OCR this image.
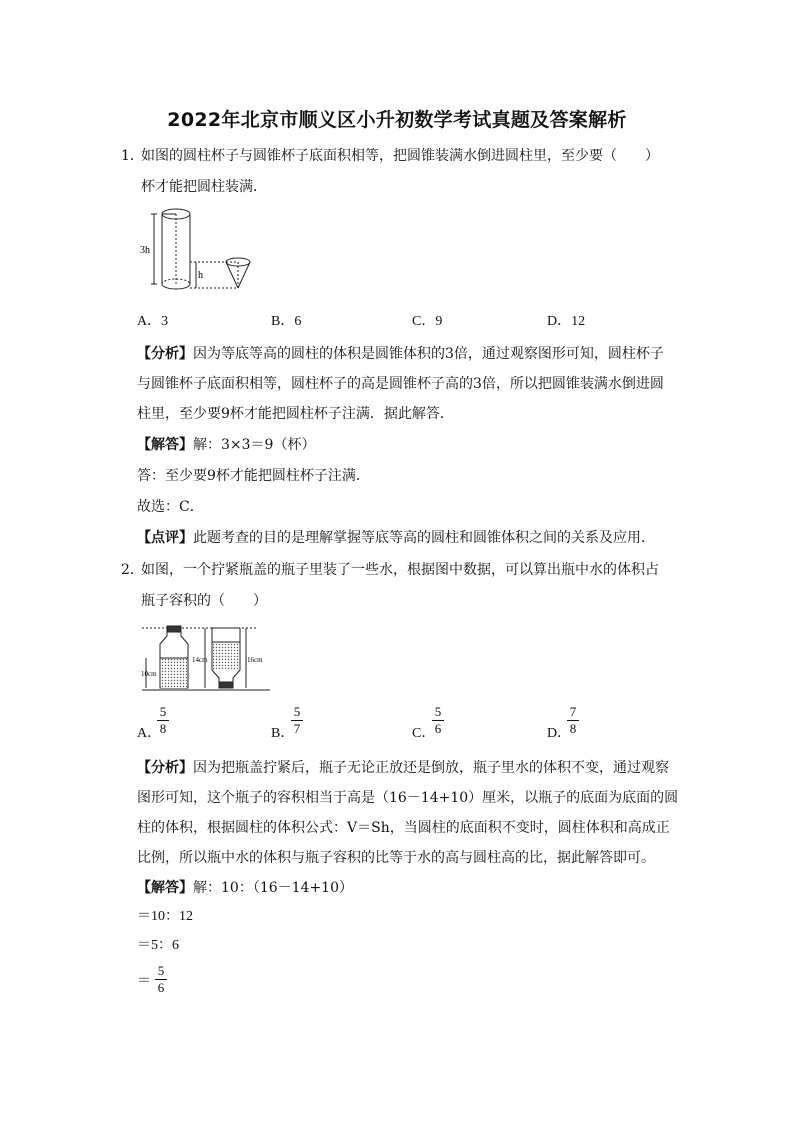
2022年北京市顺义区小升初数学考试真题及答案解析
1．
如图的圆柱杯子与圆锥杯子底面积相等，把圆锥装满水倒进圆柱里，至少要（　　）
杯才能把圆柱装满．
3h
h
A．3	B．6	C．9	D．12
【分析】因为等底等高的圆柱的体积是圆锥体积的3倍，通过观察图形可知，圆柱杯子
与圆锥杯子底面积相等，圆柱杯子的高是圆锥杯子高的3倍，所以把圆锥装满水倒进圆
柱里，至少要9杯才能把圆柱杯子注满．据此解答．
【解答】解：3×3＝9（杯）
答：至少要9杯才能把圆柱杯子注满．
故选：C．
【点评】此题考查的目的是理解掌握等底等高的圆柱和圆锥体积之间的关系及应用．
2．
如图，一个拧紧瓶盖的瓶子里装了一些水，根据图中数据，可以算出瓶中水的体积占
瓶子容积的（　　）
10cm
14cm	16cm
A．
5
8	B．
5
7	C．
5
6	D．
7
8
【分析】因为把瓶盖拧紧后，瓶子无论正放还是倒放，瓶子里水的体积不变，通过观察
图形可知，这个瓶子的容积相当于高是（16－14+10）厘米，以瓶子的底面为底面的圆
柱的体积，根据圆柱的体积公式：V＝Sh，当圆柱的底面积不变时，圆柱体积和高成正
比例，所以瓶中水的体积与瓶子容积的比等于水的高与圆柱高的比，据此解答即可。
【解答】解：10：（16－14+10）
＝10：12
＝5：6
＝
5
6
